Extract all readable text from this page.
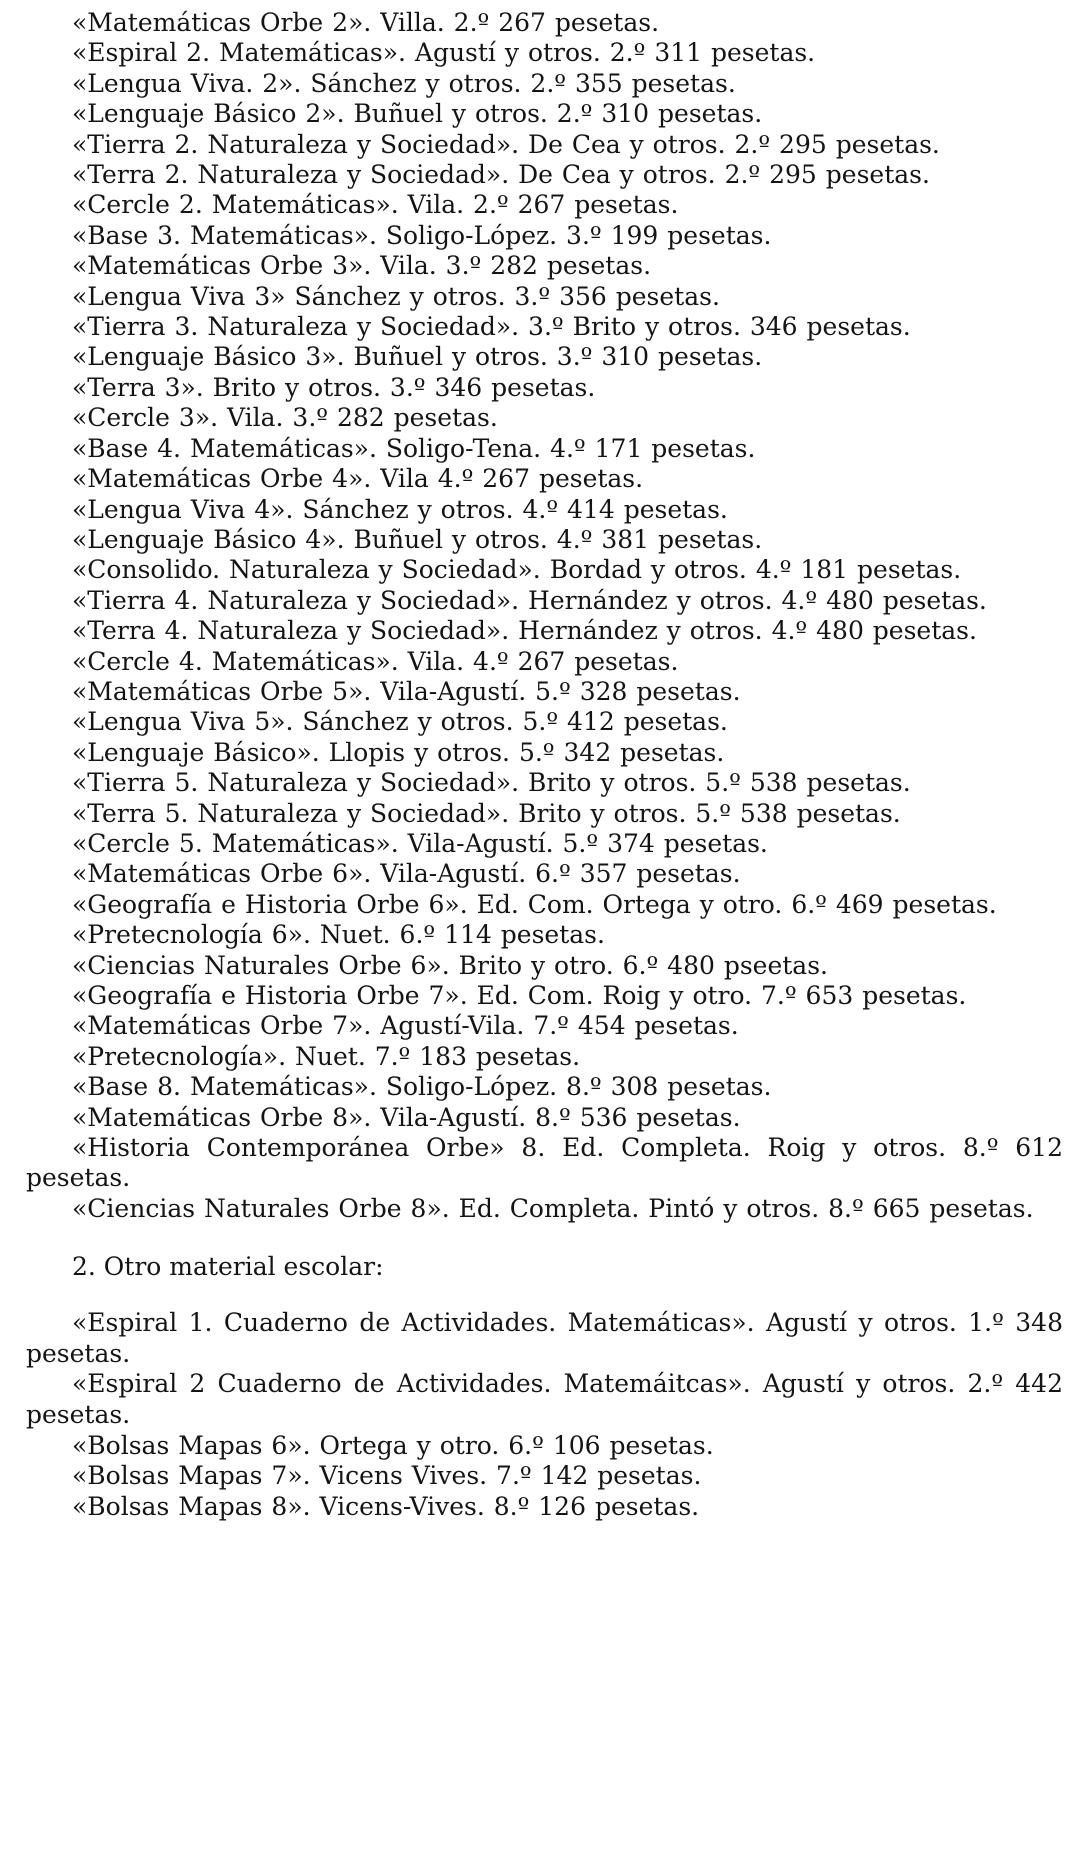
«Matemáticas Orbe 2». Villa. 2.º 267 pesetas.

«Espiral 2. Matemáticas». Agustí y otros. 2.º 311 pesetas.

«Lengua Viva. 2». Sánchez y otros. 2.º 355 pesetas.

«Lenguaje Básico 2». Buñuel y otros. 2.º 310 pesetas.

«Tierra 2. Naturaleza y Sociedad». De Cea y otros. 2.º 295 pesetas.

«Terra 2. Naturaleza y Sociedad». De Cea y otros. 2.º 295 pesetas.

«Cercle 2. Matemáticas». Vila. 2.º 267 pesetas.

«Base 3. Matemáticas». Soligo-López. 3.º 199 pesetas.

«Matemáticas Orbe 3». Vila. 3.º 282 pesetas.

«Lengua Viva 3» Sánchez y otros. 3.º 356 pesetas.

«Tierra 3. Naturaleza y Sociedad». 3.º Brito y otros. 346 pesetas.

«Lenguaje Básico 3». Buñuel y otros. 3.º 310 pesetas.

«Terra 3». Brito y otros. 3.º 346 pesetas.

«Cercle 3». Vila. 3.º 282 pesetas.

«Base 4. Matemáticas». Soligo-Tena. 4.º 171 pesetas.

«Matemáticas Orbe 4». Vila 4.º 267 pesetas.

«Lengua Viva 4». Sánchez y otros. 4.º 414 pesetas.

«Lenguaje Básico 4». Buñuel y otros. 4.º 381 pesetas.

«Consolido. Naturaleza y Sociedad». Bordad y otros. 4.º 181 pesetas.

«Tierra 4. Naturaleza y Sociedad». Hernández y otros. 4.º 480 pesetas.

«Terra 4. Naturaleza y Sociedad». Hernández y otros. 4.º 480 pesetas.

«Cercle 4. Matemáticas». Vila. 4.º 267 pesetas.

«Matemáticas Orbe 5». Vila-Agustí. 5.º 328 pesetas.

«Lengua Viva 5». Sánchez y otros. 5.º 412 pesetas.

«Lenguaje Básico». Llopis y otros. 5.º 342 pesetas.

«Tierra 5. Naturaleza y Sociedad». Brito y otros. 5.º 538 pesetas.

«Terra 5. Naturaleza y Sociedad». Brito y otros. 5.º 538 pesetas.

«Cercle 5. Matemáticas». Vila-Agustí. 5.º 374 pesetas.

«Matemáticas Orbe 6». Vila-Agustí. 6.º 357 pesetas.

«Geografía e Historia Orbe 6». Ed. Com. Ortega y otro. 6.º 469 pesetas.

«Pretecnología 6». Nuet. 6.º 114 pesetas.

«Ciencias Naturales Orbe 6». Brito y otro. 6.º 480 pseetas.

«Geografía e Historia Orbe 7». Ed. Com. Roig y otro. 7.º 653 pesetas.

«Matemáticas Orbe 7». Agustí-Vila. 7.º 454 pesetas.

«Pretecnología». Nuet. 7.º 183 pesetas.

«Base 8. Matemáticas». Soligo-López. 8.º 308 pesetas.

«Matemáticas Orbe 8». Vila-Agustí. 8.º 536 pesetas.

«Historia Contemporánea Orbe» 8. Ed. Completa. Roig y otros. 8.º 612 pesetas.

«Ciencias Naturales Orbe 8». Ed. Completa. Pintó y otros. 8.º 665 pesetas.

2. Otro material escolar:

«Espiral 1. Cuaderno de Actividades. Matemáticas». Agustí y otros. 1.º 348 pesetas.

«Espiral 2 Cuaderno de Actividades. Matemáitcas». Agustí y otros. 2.º 442 pesetas.

«Bolsas Mapas 6». Ortega y otro. 6.º 106 pesetas.

«Bolsas Mapas 7». Vicens Vives. 7.º 142 pesetas.

«Bolsas Mapas 8». Vicens-Vives. 8.º 126 pesetas.
